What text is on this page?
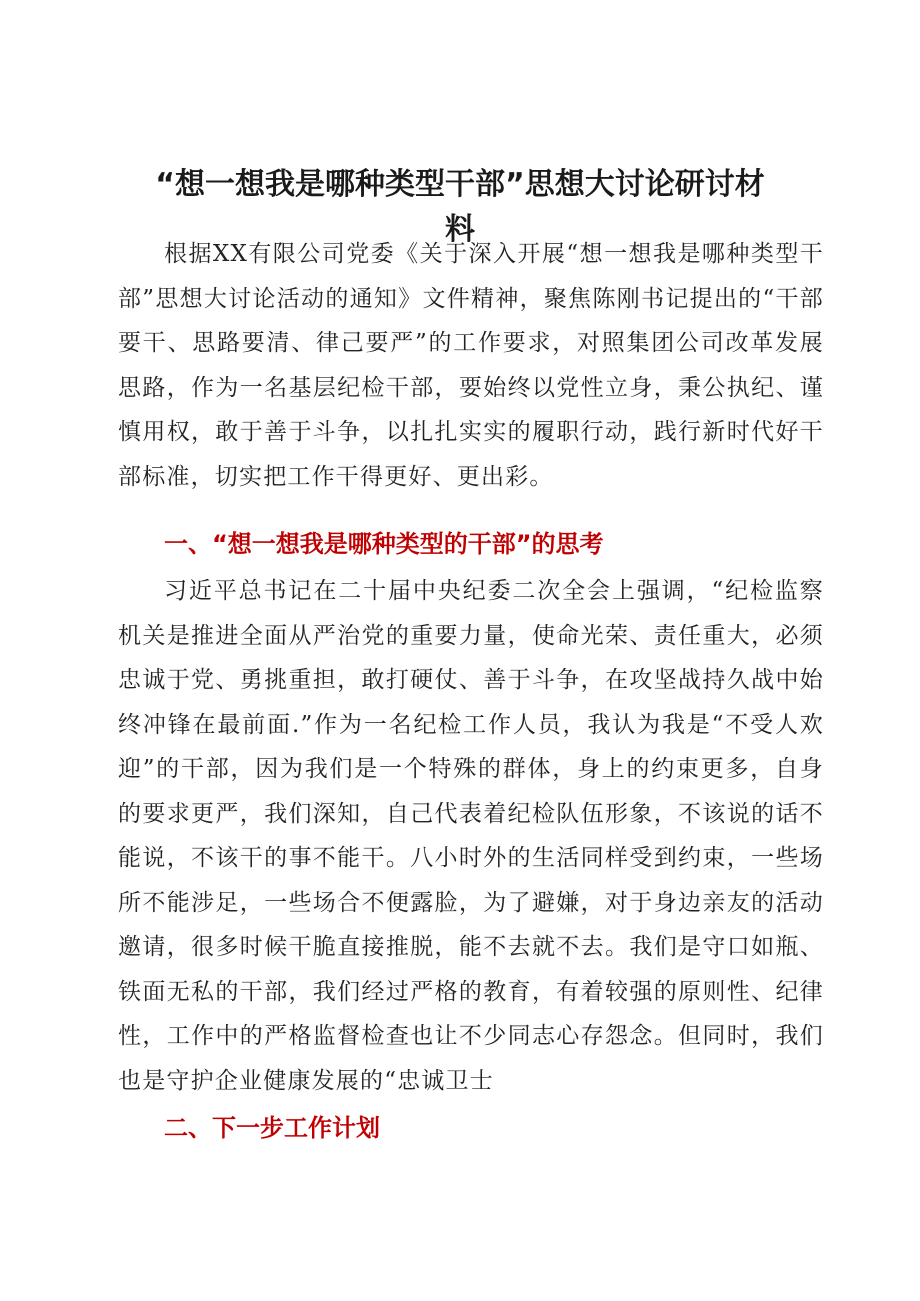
“想一想我是哪种类型干部”思想大讨论研讨材
料

根据XX有限公司党委《关于深入开展“想一想我是哪种类型干部”思想大讨论活动的通知》文件精神，聚焦陈刚书记提出的“干部要干、思路要清、律己要严”的工作要求，对照集团公司改革发展思路，作为一名基层纪检干部，要始终以党性立身，秉公执纪、谨慎用权，敢于善于斗争，以扎扎实实的履职行动，践行新时代好干部标准，切实把工作干得更好、更出彩。

一、“想一想我是哪种类型的干部”的思考

习近平总书记在二十届中央纪委二次全会上强调，“纪检监察机关是推进全面从严治党的重要力量，使命光荣、责任重大，必须忠诚于党、勇挑重担，敢打硬仗、善于斗争，在攻坚战持久战中始终冲锋在最前面.”作为一名纪检工作人员，我认为我是“不受人欢迎”的干部，因为我们是一个特殊的群体，身上的约束更多，自身的要求更严，我们深知，自己代表着纪检队伍形象，不该说的话不能说，不该干的事不能干。八小时外的生活同样受到约束，一些场所不能涉足，一些场合不便露脸，为了避嫌，对于身边亲友的活动邀请，很多时候干脆直接推脱，能不去就不去。我们是守口如瓶、铁面无私的干部，我们经过严格的教育，有着较强的原则性、纪律性，工作中的严格监督检查也让不少同志心存怨念。但同时，我们也是守护企业健康发展的“忠诚卫士

二、下一步工作计划
